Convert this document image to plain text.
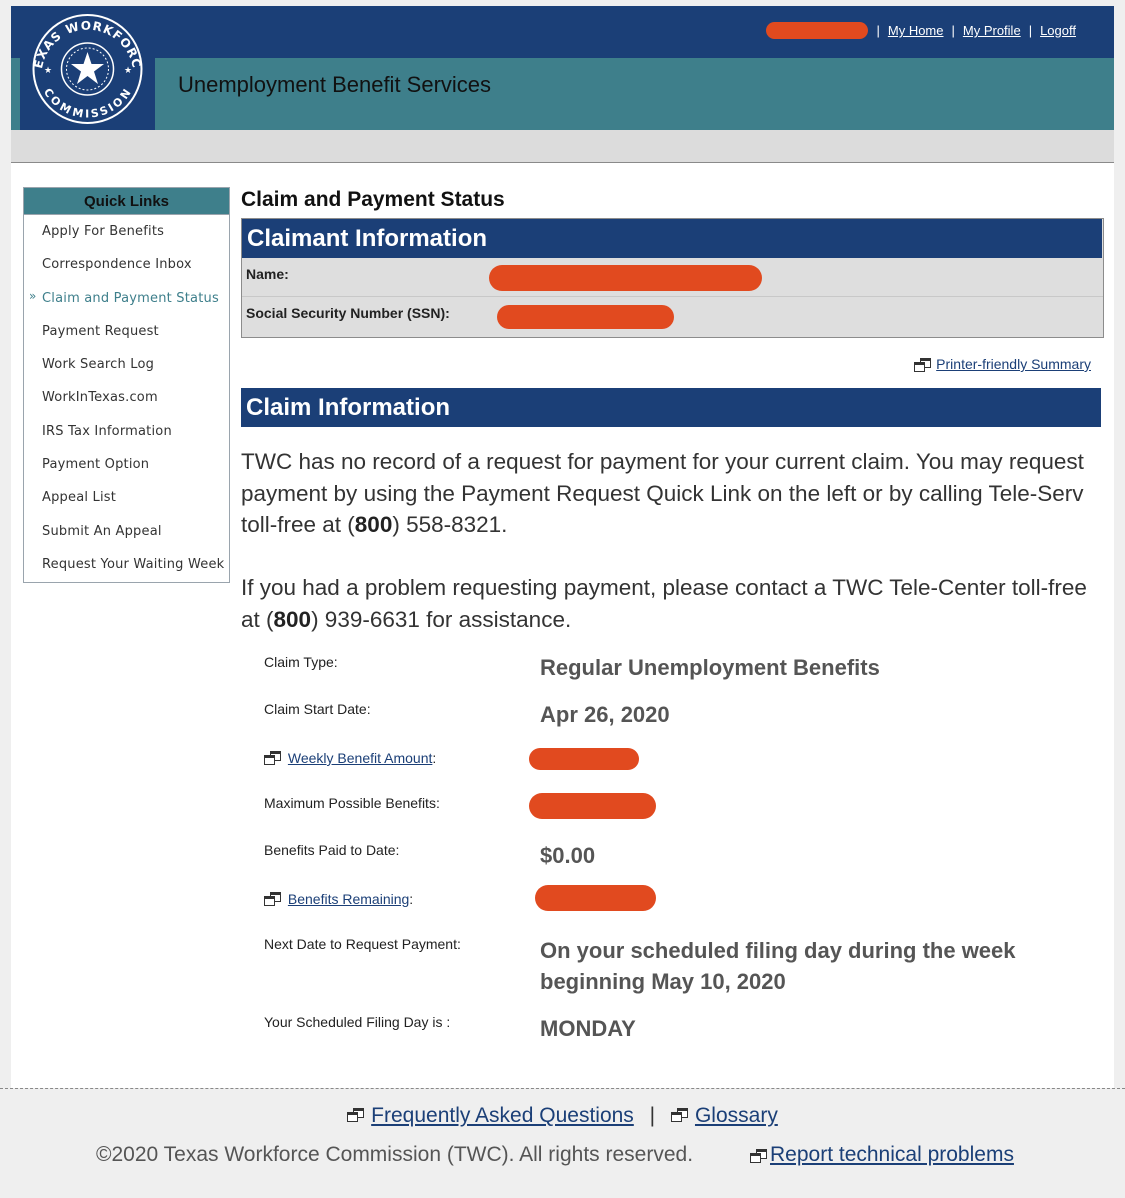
EXAS WORKFORC
COMMISSION
★	★
Unemployment Benefit Services
| My Home | My Profile | Logoff
Quick Links
Apply For Benefits
Correspondence Inbox
» Claim and Payment Status
Payment Request
Work Search Log
WorkInTexas.com
IRS Tax Information
Payment Option
Appeal List
Submit An Appeal
Request Your Waiting Week
Claim and Payment Status
Claimant Information
Name:
Social Security Number (SSN):
Printer-friendly Summary
Claim Information
TWC has no record of a request for payment for your current claim. You may request payment by using the Payment Request Quick Link on the left or by calling Tele-Serv toll-free at (800) 558-8321.
If you had a problem requesting payment, please contact a TWC Tele-Center toll-free at (800) 939-6631 for assistance.
Claim Type:	Regular Unemployment Benefits
Claim Start Date:	Apr 26, 2020
Weekly Benefit Amount:
Maximum Possible Benefits:
Benefits Paid to Date:	$0.00
Benefits Remaining:
Next Date to Request Payment:	On your scheduled filing day during the week beginning May 10, 2020
Your Scheduled Filing Day is :	MONDAY
Frequently Asked Questions | Glossary
©2020 Texas Workforce Commission (TWC). All rights reserved.	Report technical problems
